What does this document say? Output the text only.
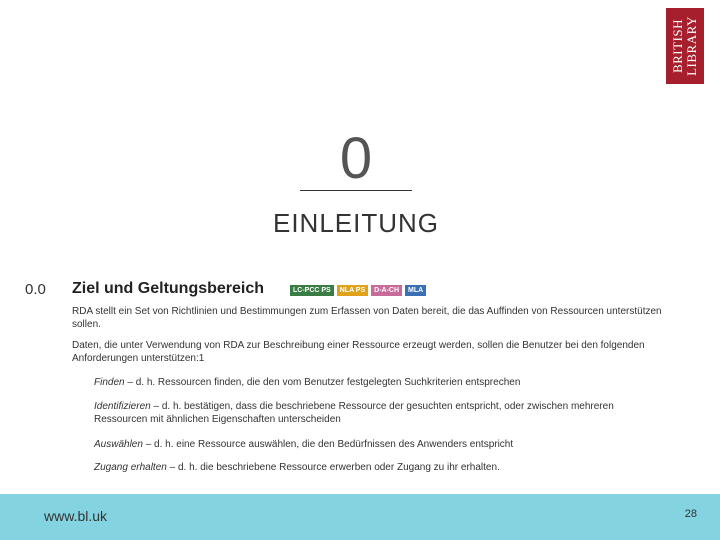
BRITISH LIBRARY
0
EINLEITUNG
0.0 Ziel und Geltungsbereich	LC-PCC PS	NLA PS	D-A-CH	MLA
RDA stellt ein Set von Richtlinien und Bestimmungen zum Erfassen von Daten bereit, die das Auffinden von Ressourcen unterstützen sollen.
Daten, die unter Verwendung von RDA zur Beschreibung einer Ressource erzeugt werden, sollen die Benutzer bei den folgenden Anforderungen unterstützen:1
Finden – d. h. Ressourcen finden, die den vom Benutzer festgelegten Suchkriterien entsprechen
Identifizieren – d. h. bestätigen, dass die beschriebene Ressource der gesuchten entspricht, oder zwischen mehreren Ressourcen mit ähnlichen Eigenschaften unterscheiden
Auswählen – d. h. eine Ressource auswählen, die den Bedürfnissen des Anwenders entspricht
Zugang erhalten – d. h. die beschriebene Ressource erwerben oder Zugang zu ihr erhalten.
www.bl.uk	28
